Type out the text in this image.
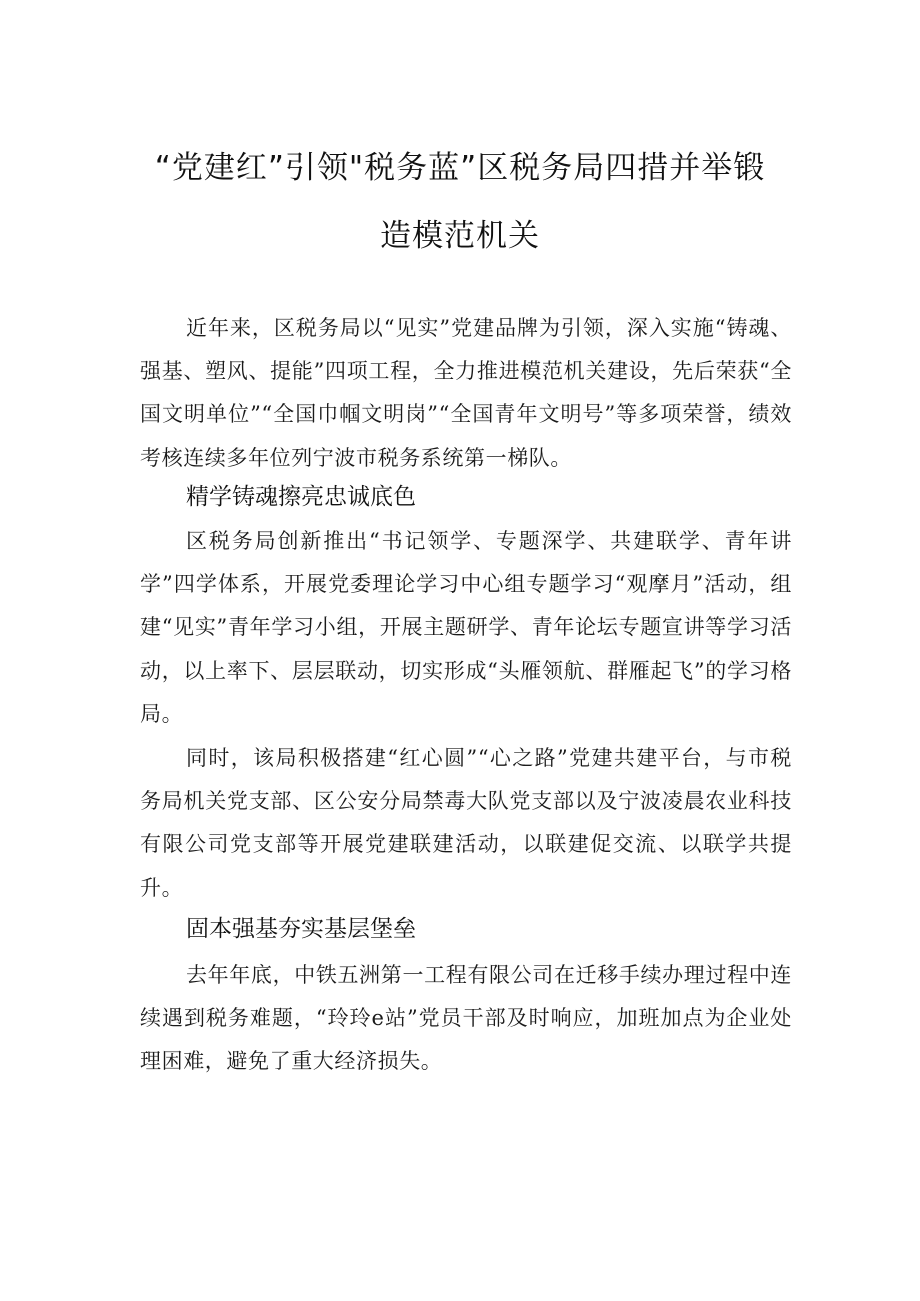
“党建红”引领"税务蓝”区税务局四措并举锻
造模范机关

近年来，区税务局以“见实”党建品牌为引领，深入实施“铸魂、强基、塑风、提能”四项工程，全力推进模范机关建设，先后荣获“全国文明单位”“全国巾帼文明岗”“全国青年文明号”等多项荣誉，绩效考核连续多年位列宁波市税务系统第一梯队。

精学铸魂擦亮忠诚底色

区税务局创新推出“书记领学、专题深学、共建联学、青年讲学”四学体系，开展党委理论学习中心组专题学习“观摩月”活动，组建“见实”青年学习小组，开展主题研学、青年论坛专题宣讲等学习活动，以上率下、层层联动，切实形成“头雁领航、群雁起飞”的学习格局。

同时，该局积极搭建“红心圆”“心之路”党建共建平台，与市税务局机关党支部、区公安分局禁毒大队党支部以及宁波凌晨农业科技有限公司党支部等开展党建联建活动，以联建促交流、以联学共提升。

固本强基夯实基层堡垒

去年年底，中铁五洲第一工程有限公司在迁移手续办理过程中连续遇到税务难题，“玲玲e站”党员干部及时响应，加班加点为企业处理困难，避免了重大经济损失。
